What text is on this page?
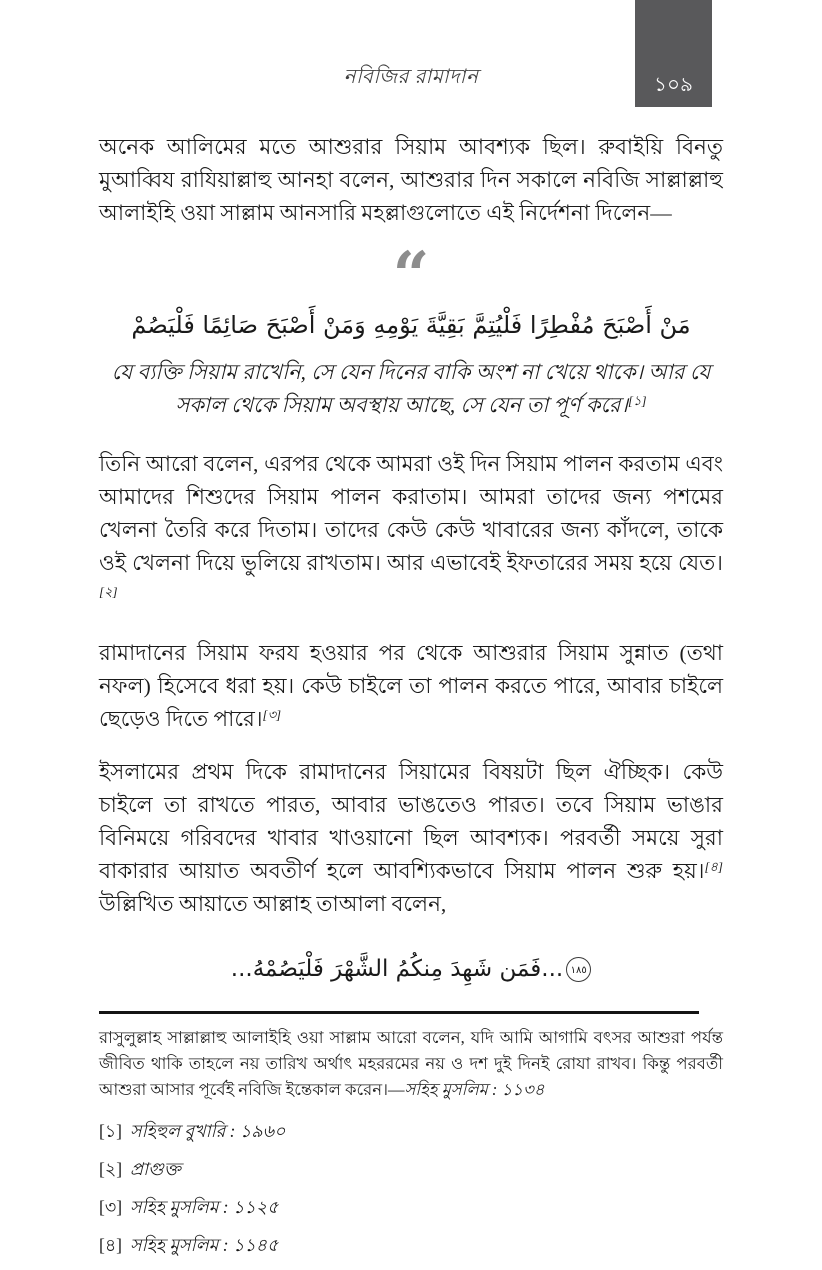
১০৯
নবিজির রামাদান

অনেক আলিমের মতে আশুরার সিয়াম আবশ্যক ছিল। রুবাইয়ি বিনতু মুআব্বিয রাযিয়াল্লাহু আনহা বলেন, আশুরার দিন সকালে নবিজি সাল্লাল্লাহু আলাইহি ওয়া সাল্লাম আনসারি মহল্লাগুলোতে এই নির্দেশনা দিলেন—

“
مَنْ أَصْبَحَ مُفْطِرًا فَلْيُتِمَّ بَقِيَّةَ يَوْمِهِ وَمَنْ أَصْبَحَ صَائِمًا فَلْيَصُمْ
যে ব্যক্তি সিয়াম রাখেনি, সে যেন দিনের বাকি অংশ না খেয়ে থাকে। আর যে সকাল থেকে সিয়াম অবস্থায় আছে, সে যেন তা পূর্ণ করে।[১]

তিনি আরো বলেন, এরপর থেকে আমরা ওই দিন সিয়াম পালন করতাম এবং আমাদের শিশুদের সিয়াম পালন করাতাম। আমরা তাদের জন্য পশমের খেলনা তৈরি করে দিতাম। তাদের কেউ কেউ খাবারের জন্য কাঁদলে, তাকে ওই খেলনা দিয়ে ভুলিয়ে রাখতাম। আর এভাবেই ইফতারের সময় হয়ে যেত।[২]

রামাদানের সিয়াম ফরয হওয়ার পর থেকে আশুরার সিয়াম সুন্নাত (তথা নফল) হিসেবে ধরা হয়। কেউ চাইলে তা পালন করতে পারে, আবার চাইলে ছেড়েও দিতে পারে।[৩]

ইসলামের প্রথম দিকে রামাদানের সিয়ামের বিষয়টা ছিল ঐচ্ছিক। কেউ চাইলে তা রাখতে পারত, আবার ভাঙতেও পারত। তবে সিয়াম ভাঙার বিনিময়ে গরিবদের খাবার খাওয়ানো ছিল আবশ্যক। পরবর্তী সময়ে সুরা বাকারার আয়াত অবতীর্ণ হলে আবশ্যিকভাবে সিয়াম পালন শুরু হয়।[৪] উল্লিখিত আয়াতে আল্লাহ তাআলা বলেন,

١٨٥...فَمَن شَهِدَ مِنكُمُ الشَّهْرَ فَلْيَصُمْهُ...
রাসুলুল্লাহ সাল্লাল্লাহু আলাইহি ওয়া সাল্লাম আরো বলেন, যদি আমি আগামি বৎসর আশুরা পর্যন্ত জীবিত থাকি তাহলে নয় তারিখ অর্থাৎ মহররমের নয় ও দশ দুই দিনই রোযা রাখব। কিন্তু পরবর্তী আশুরা আসার পূর্বেই নবিজি ইন্তেকাল করেন।—সহিহ মুসলিম : ১১৩৪
[১] সহিহুল বুখারি : ১৯৬০
[২] প্রাগুক্ত
[৩] সহিহ মুসলিম : ১১২৫
[৪] সহিহ মুসলিম : ১১৪৫
